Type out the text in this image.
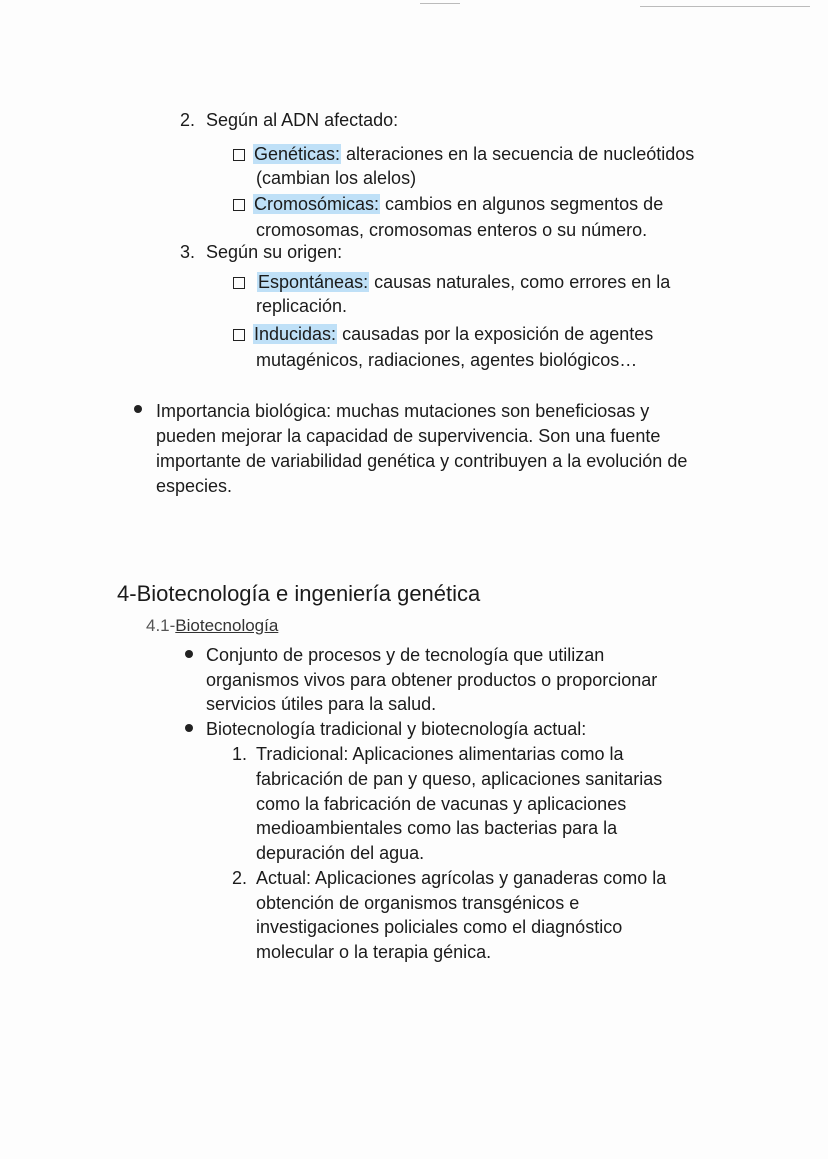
2. Según al ADN afectado:
Genéticas: alteraciones en la secuencia de nucleótidos
(cambian los alelos)
Cromosómicas: cambios en algunos segmentos de
cromosomas, cromosomas enteros o su número.
3. Según su origen:
Espontáneas: causas naturales, como errores en la
replicación.
Inducidas: causadas por la exposición de agentes
mutagénicos, radiaciones, agentes biológicos…
Importancia biológica: muchas mutaciones son beneficiosas y
pueden mejorar la capacidad de supervivencia. Son una fuente
importante de variabilidad genética y contribuyen a la evolución de
especies.
4-Biotecnología e ingeniería genética
4.1-Biotecnología
Conjunto de procesos y de tecnología que utilizan
organismos vivos para obtener productos o proporcionar
servicios útiles para la salud.
Biotecnología tradicional y biotecnología actual:
1. Tradicional: Aplicaciones alimentarias como la
fabricación de pan y queso, aplicaciones sanitarias
como la fabricación de vacunas y aplicaciones
medioambientales como las bacterias para la
depuración del agua.
2. Actual: Aplicaciones agrícolas y ganaderas como la
obtención de organismos transgénicos e
investigaciones policiales como el diagnóstico
molecular o la terapia génica.
